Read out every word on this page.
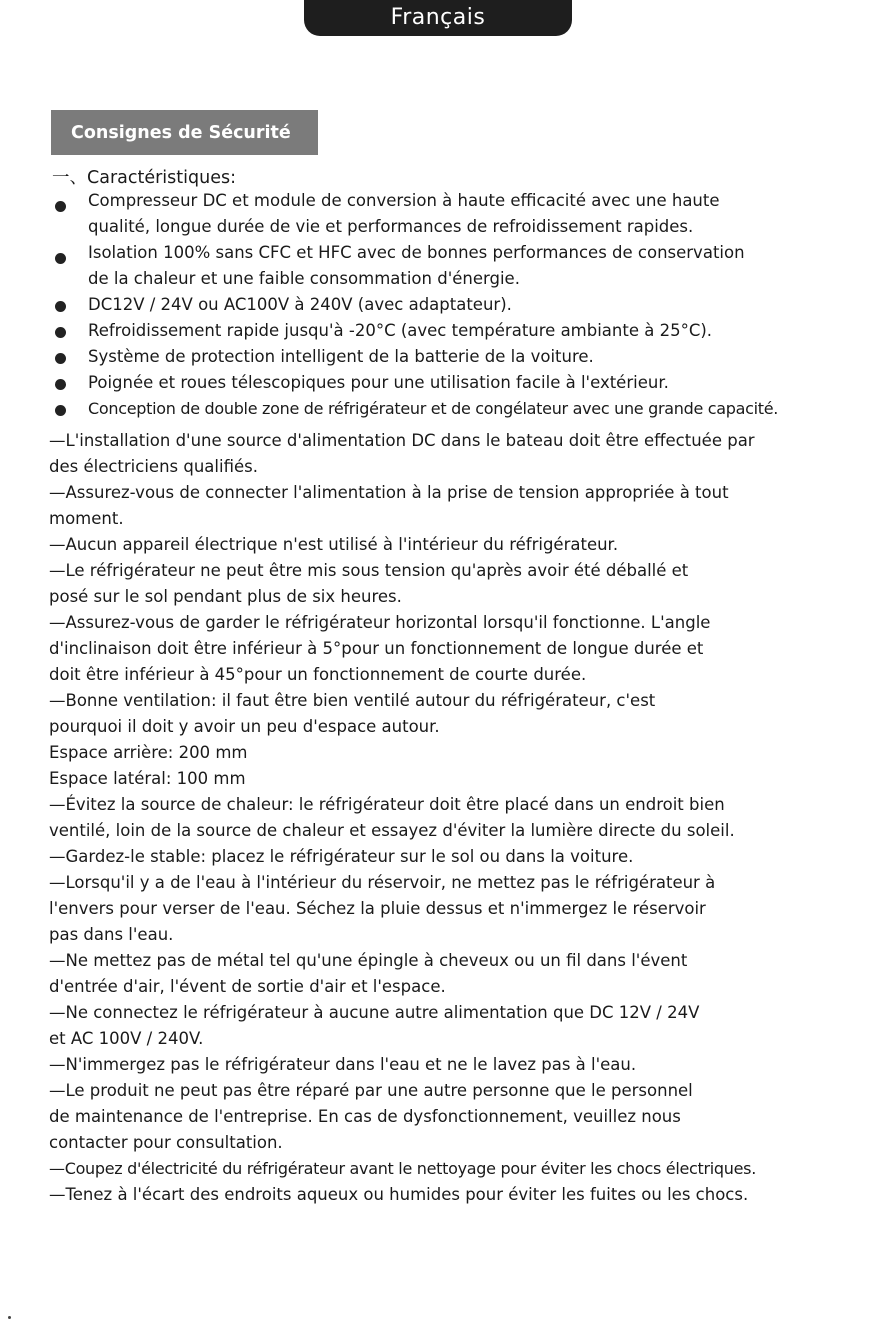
Français
Consignes de Sécurité
一、Caractéristiques:
Compresseur DC et module de conversion à haute efficacité avec une haute
qualité, longue durée de vie et performances de refroidissement rapides.
Isolation 100% sans CFC et HFC avec de bonnes performances de conservation
de la chaleur et une faible consommation d'énergie.
DC12V / 24V ou AC100V à 240V (avec adaptateur).
Refroidissement rapide jusqu'à -20°C (avec température ambiante à 25°C).
Système de protection intelligent de la batterie de la voiture.
Poignée et roues télescopiques pour une utilisation facile à l'extérieur.
Conception de double zone de réfrigérateur et de congélateur avec une grande capacité.
—L'installation d'une source d'alimentation DC dans le bateau doit être effectuée par
des électriciens qualifiés.
—Assurez-vous de connecter l'alimentation à la prise de tension appropriée à tout
moment.
—Aucun appareil électrique n'est utilisé à l'intérieur du réfrigérateur.
—Le réfrigérateur ne peut être mis sous tension qu'après avoir été déballé et
posé sur le sol pendant plus de six heures.
—Assurez-vous de garder le réfrigérateur horizontal lorsqu'il fonctionne. L'angle
d'inclinaison doit être inférieur à 5°pour un fonctionnement de longue durée et
doit être inférieur à 45°pour un fonctionnement de courte durée.
—Bonne ventilation: il faut être bien ventilé autour du réfrigérateur, c'est
pourquoi il doit y avoir un peu d'espace autour.
Espace arrière: 200 mm
Espace latéral: 100 mm
—Évitez la source de chaleur: le réfrigérateur doit être placé dans un endroit bien
ventilé, loin de la source de chaleur et essayez d'éviter la lumière directe du soleil.
—Gardez-le stable: placez le réfrigérateur sur le sol ou dans la voiture.
—Lorsqu'il y a de l'eau à l'intérieur du réservoir, ne mettez pas le réfrigérateur à
l'envers pour verser de l'eau. Séchez la pluie dessus et n'immergez le réservoir
pas dans l'eau.
—Ne mettez pas de métal tel qu'une épingle à cheveux ou un fil dans l'évent
d'entrée d'air, l'évent de sortie d'air et l'espace.
—Ne connectez le réfrigérateur à aucune autre alimentation que DC 12V / 24V
et AC 100V / 240V.
—N'immergez pas le réfrigérateur dans l'eau et ne le lavez pas à l'eau.
—Le produit ne peut pas être réparé par une autre personne que le personnel
de maintenance de l'entreprise. En cas de dysfonctionnement, veuillez nous
contacter pour consultation.
—Coupez d'électricité du réfrigérateur avant le nettoyage pour éviter les chocs électriques.
—Tenez à l'écart des endroits aqueux ou humides pour éviter les fuites ou les chocs.
